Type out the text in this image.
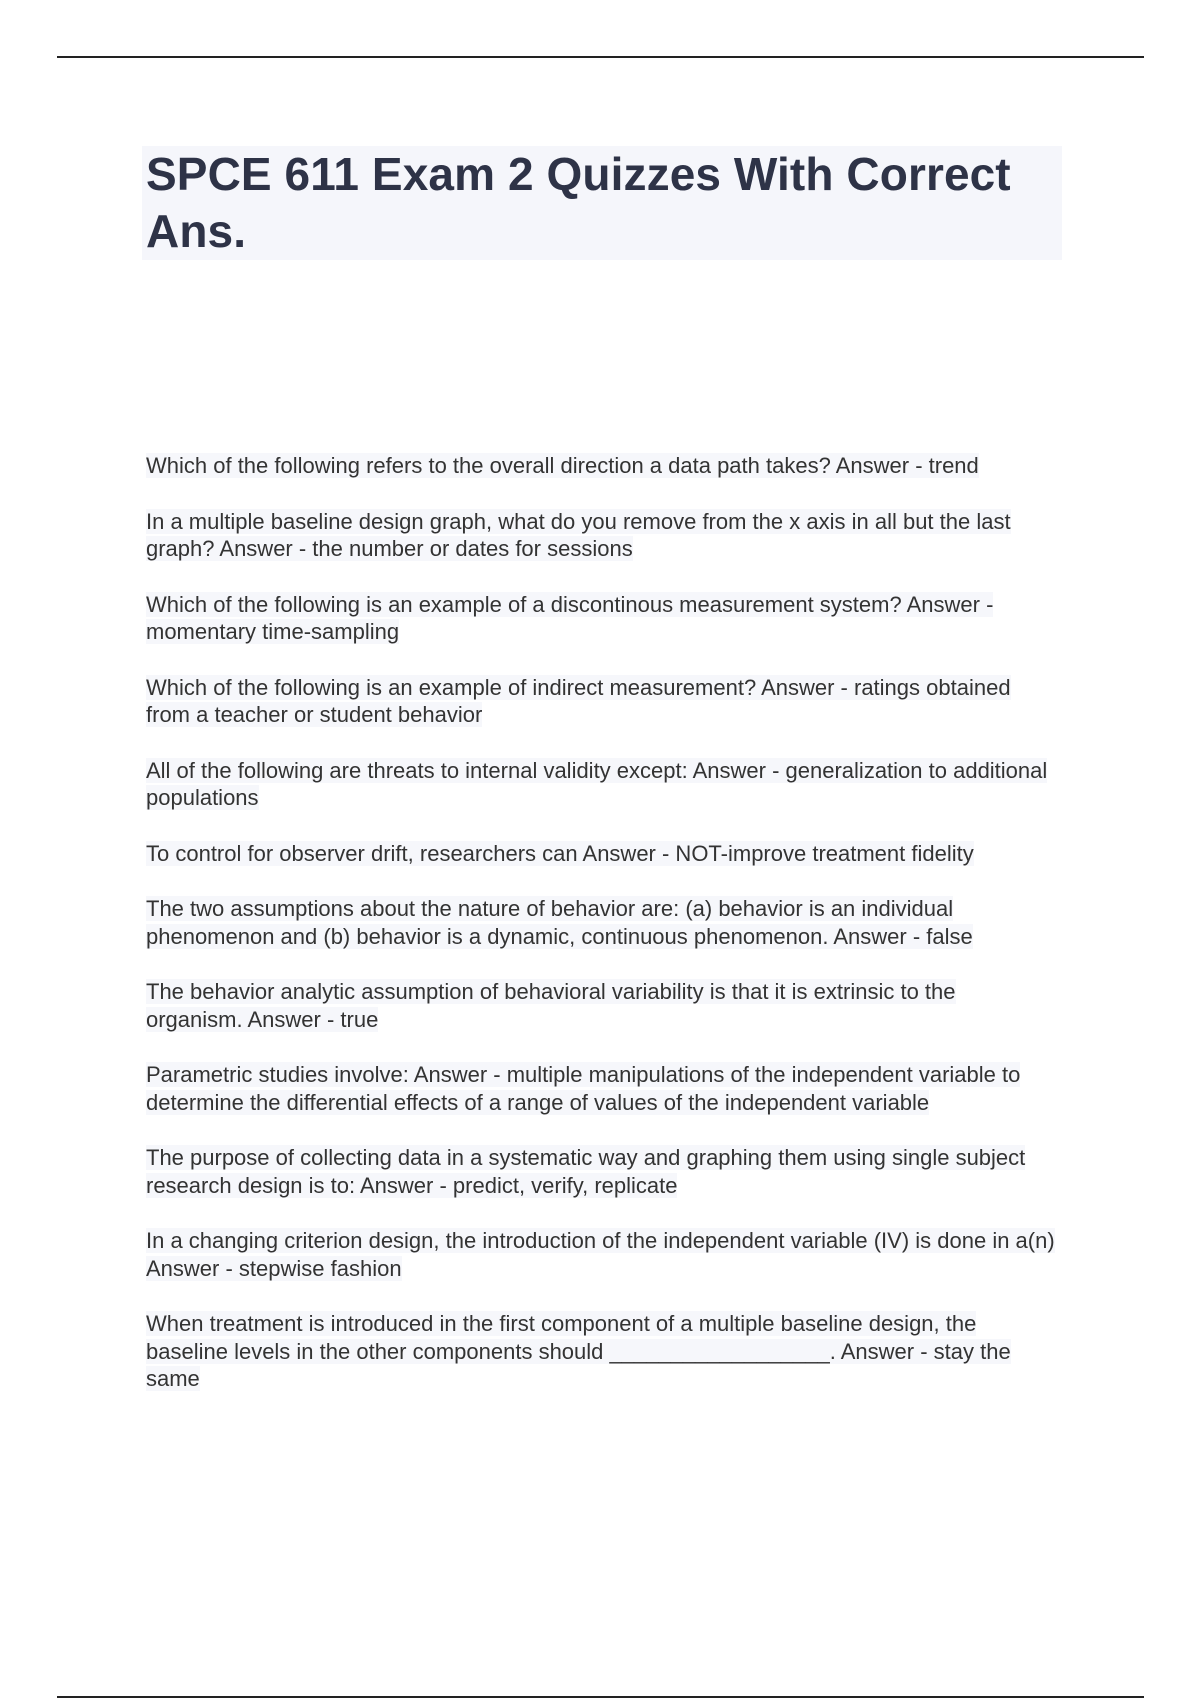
SPCE 611 Exam 2 Quizzes With Correct Ans.

Which of the following refers to the overall direction a data path takes? Answer - trend

In a multiple baseline design graph, what do you remove from the x axis in all but the last graph? Answer - the number or dates for sessions

Which of the following is an example of a discontinous measurement system? Answer - momentary time-sampling

Which of the following is an example of indirect measurement? Answer - ratings obtained from a teacher or student behavior

All of the following are threats to internal validity except: Answer - generalization to additional populations

To control for observer drift, researchers can Answer - NOT-improve treatment fidelity

The two assumptions about the nature of behavior are: (a) behavior is an individual phenomenon and (b) behavior is a dynamic, continuous phenomenon. Answer - false

The behavior analytic assumption of behavioral variability is that it is extrinsic to the organism. Answer - true

Parametric studies involve: Answer - multiple manipulations of the independent variable to determine the differential effects of a range of values of the independent variable

The purpose of collecting data in a systematic way and graphing them using single subject research design is to: Answer - predict, verify, replicate

In a changing criterion design, the introduction of the independent variable (IV) is done in a(n) Answer - stepwise fashion

When treatment is introduced in the first component of a multiple baseline design, the baseline levels in the other components should __________________. Answer - stay the same
